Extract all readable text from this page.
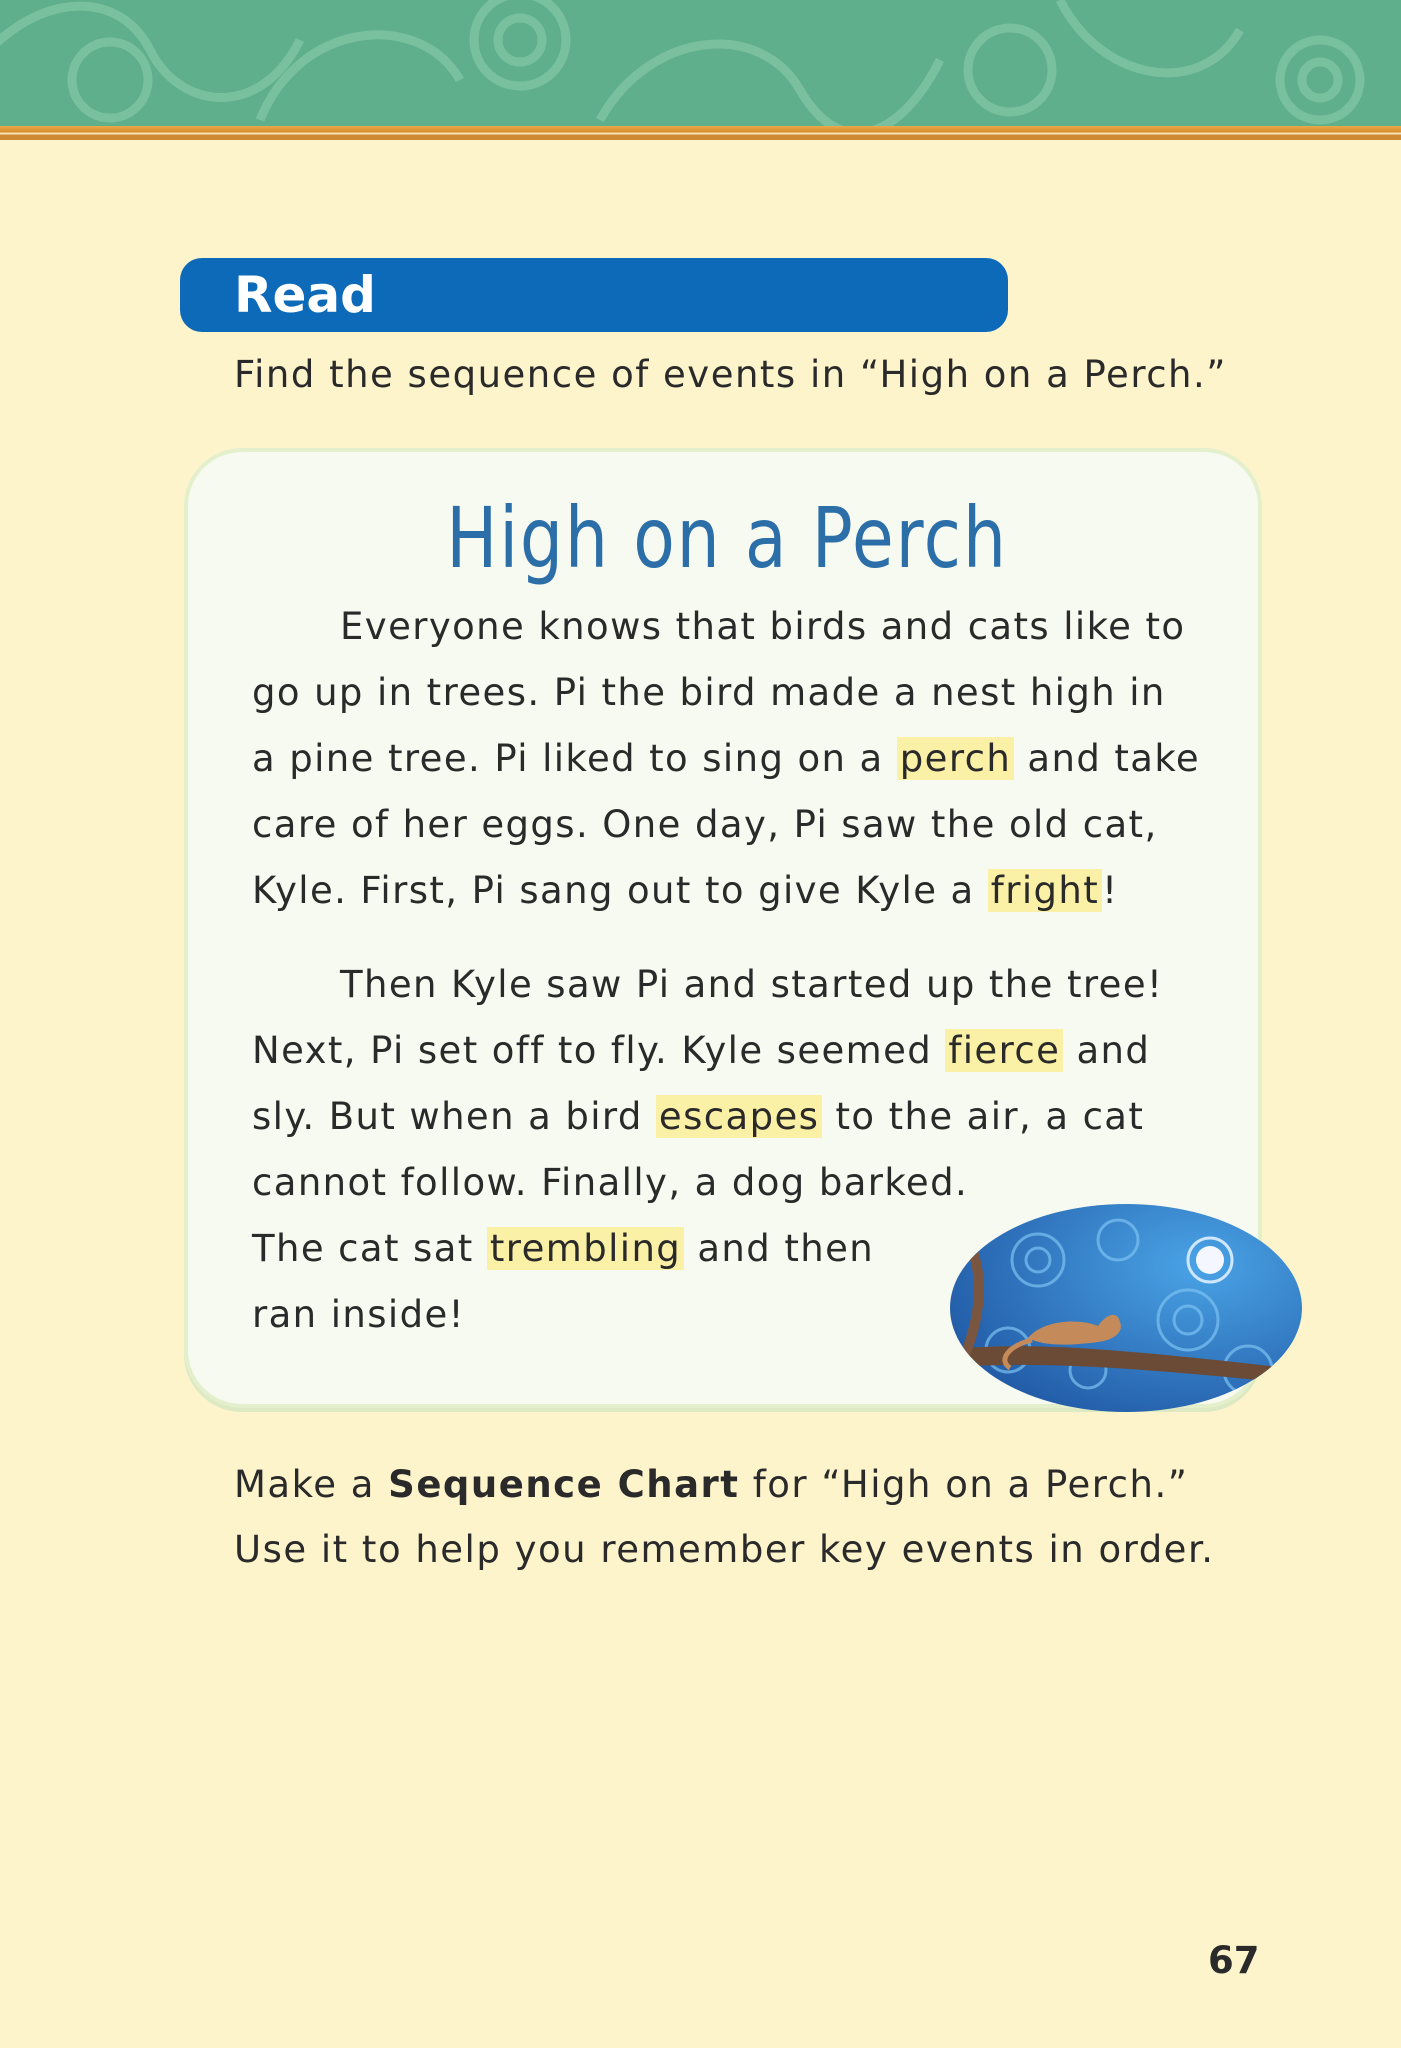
Read
Find the sequence of events in “High on a Perch.”
High on a Perch
Everyone knows that birds and cats like to
go up in trees. Pi the bird made a nest high in
a pine tree. Pi liked to sing on a perch and take
care of her eggs. One day, Pi saw the old cat,
Kyle. First, Pi sang out to give Kyle a fright!
Then Kyle saw Pi and started up the tree!
Next, Pi set off to fly. Kyle seemed fierce and
sly. But when a bird escapes to the air, a cat
cannot follow. Finally, a dog barked.
The cat sat trembling and then
ran inside!
Make a Sequence Chart for “High on a Perch.”
Use it to help you remember key events in order.
67
